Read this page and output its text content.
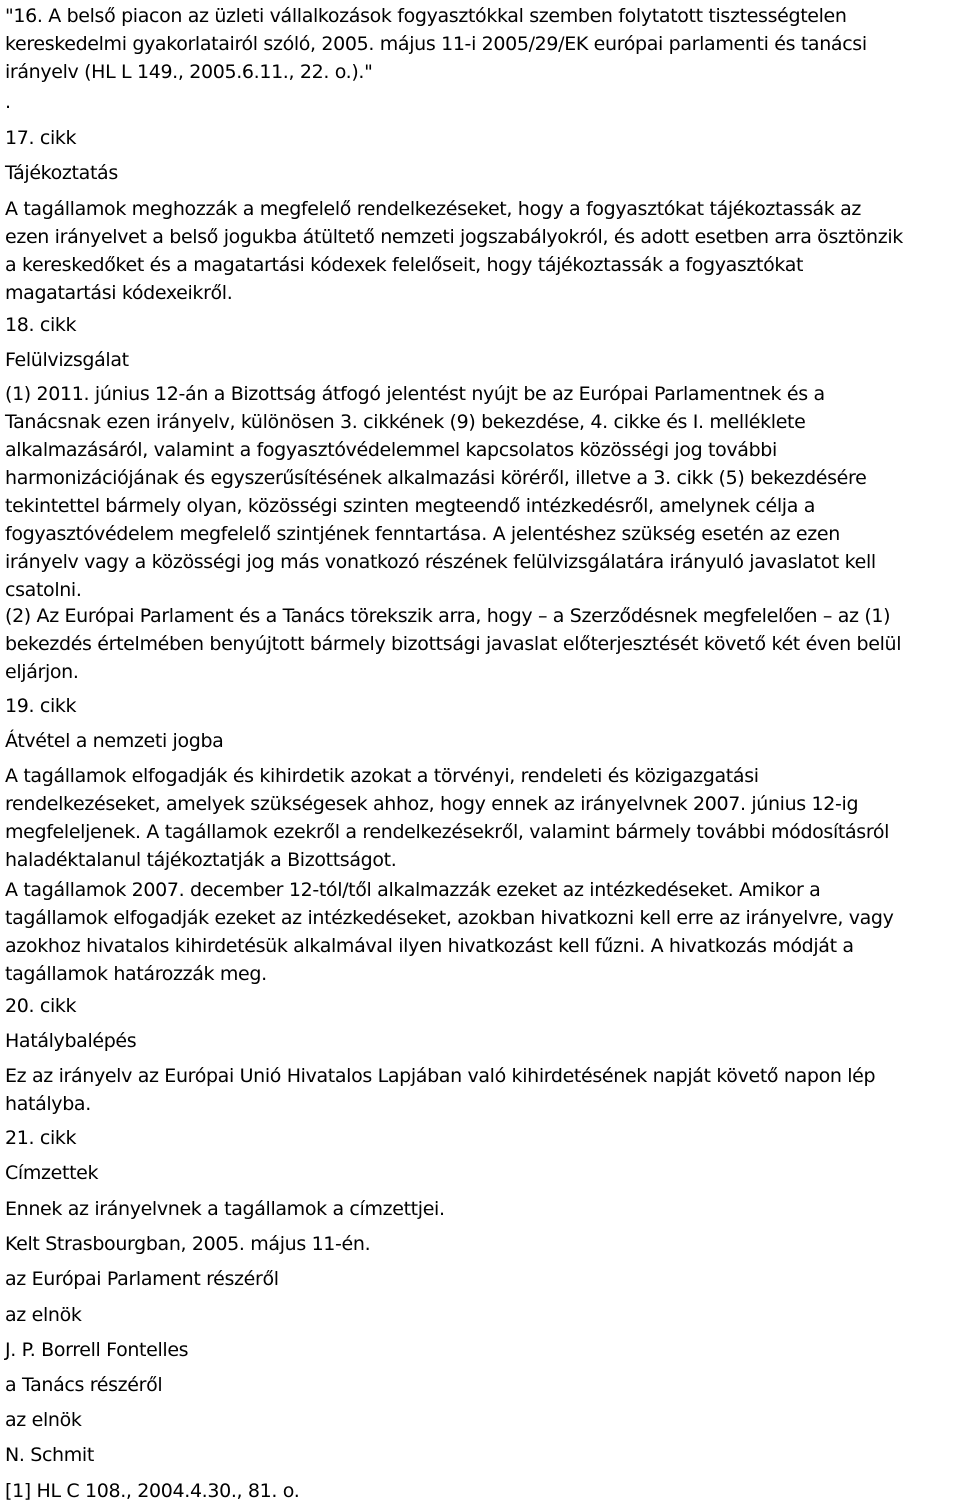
"16. A belső piacon az üzleti vállalkozások fogyasztókkal szemben folytatott tisztességtelen
kereskedelmi gyakorlatairól szóló, 2005. május 11-i 2005/29/EK európai parlamenti és tanácsi
irányelv (HL L 149., 2005.6.11., 22. o.)."
.
17. cikk
Tájékoztatás
A tagállamok meghozzák a megfelelő rendelkezéseket, hogy a fogyasztókat tájékoztassák az
ezen irányelvet a belső jogukba átültető nemzeti jogszabályokról, és adott esetben arra ösztönzik
a kereskedőket és a magatartási kódexek felelőseit, hogy tájékoztassák a fogyasztókat
magatartási kódexeikről.
18. cikk
Felülvizsgálat
(1) 2011. június 12-án a Bizottság átfogó jelentést nyújt be az Európai Parlamentnek és a
Tanácsnak ezen irányelv, különösen 3. cikkének (9) bekezdése, 4. cikke és I. melléklete
alkalmazásáról, valamint a fogyasztóvédelemmel kapcsolatos közösségi jog további
harmonizációjának és egyszerűsítésének alkalmazási köréről, illetve a 3. cikk (5) bekezdésére
tekintettel bármely olyan, közösségi szinten megteendő intézkedésről, amelynek célja a
fogyasztóvédelem megfelelő szintjének fenntartása. A jelentéshez szükség esetén az ezen
irányelv vagy a közösségi jog más vonatkozó részének felülvizsgálatára irányuló javaslatot kell
csatolni.
(2) Az Európai Parlament és a Tanács törekszik arra, hogy – a Szerződésnek megfelelően – az (1)
bekezdés értelmében benyújtott bármely bizottsági javaslat előterjesztését követő két éven belül
eljárjon.
19. cikk
Átvétel a nemzeti jogba
A tagállamok elfogadják és kihirdetik azokat a törvényi, rendeleti és közigazgatási
rendelkezéseket, amelyek szükségesek ahhoz, hogy ennek az irányelvnek 2007. június 12-ig
megfeleljenek. A tagállamok ezekről a rendelkezésekről, valamint bármely további módosításról
haladéktalanul tájékoztatják a Bizottságot.
A tagállamok 2007. december 12-tól/től alkalmazzák ezeket az intézkedéseket. Amikor a
tagállamok elfogadják ezeket az intézkedéseket, azokban hivatkozni kell erre az irányelvre, vagy
azokhoz hivatalos kihirdetésük alkalmával ilyen hivatkozást kell fűzni. A hivatkozás módját a
tagállamok határozzák meg.
20. cikk
Hatálybalépés
Ez az irányelv az Európai Unió Hivatalos Lapjában való kihirdetésének napját követő napon lép
hatályba.
21. cikk
Címzettek
Ennek az irányelvnek a tagállamok a címzettjei.
Kelt Strasbourgban, 2005. május 11-én.
az Európai Parlament részéről
az elnök
J. P. Borrell Fontelles
a Tanács részéről
az elnök
N. Schmit
[1] HL C 108., 2004.4.30., 81. o.
